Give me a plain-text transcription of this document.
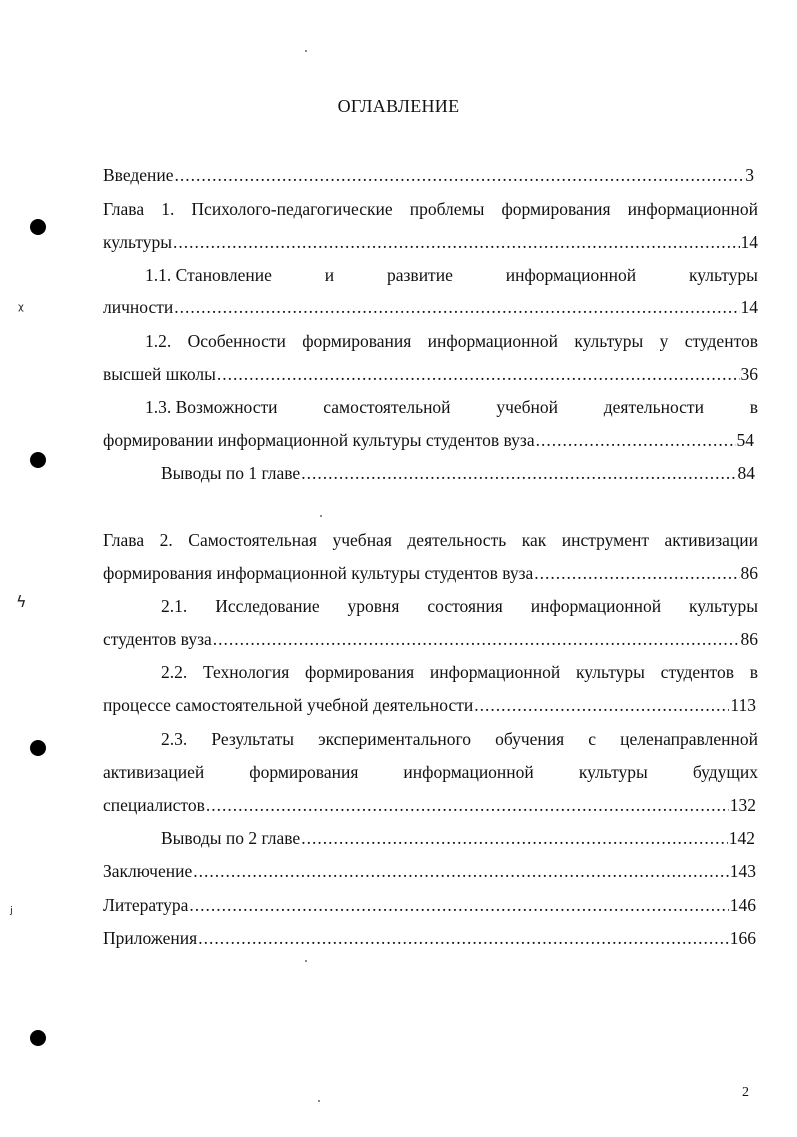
ᵡ
ϟ
ⱼ
ОГЛАВЛЕНИЕ
Введение .....	3
Глава 1. Психолого-педагогические проблемы формирования информационной
культуры .....	14
1.1. Становление	и	развитие	информационной	культуры
личности .....	14
1.2. Особенности формирования информационной культуры у студентов
высшей школы .....	36
1.3. Возможности	самостоятельной	учебной	деятельности	в
формировании информационной культуры студентов вуза .....	54
Выводы по 1 главе .....	84
Глава 2. Самостоятельная учебная деятельность как инструмент активизации
формирования информационной культуры студентов вуза .....	86
2.1. Исследование уровня состояния информационной культуры
студентов вуза .....	86
2.2. Технология формирования информационной культуры студентов в
процессе самостоятельной учебной деятельности .....	113
2.3. Результаты экспериментального обучения с целенаправленной
активизацией	формирования	информационной	культуры	будущих
специалистов .....	132
Выводы по 2 главе .....	142
Заключение .....	143
Литература .....	146
Приложения .....	166
2
